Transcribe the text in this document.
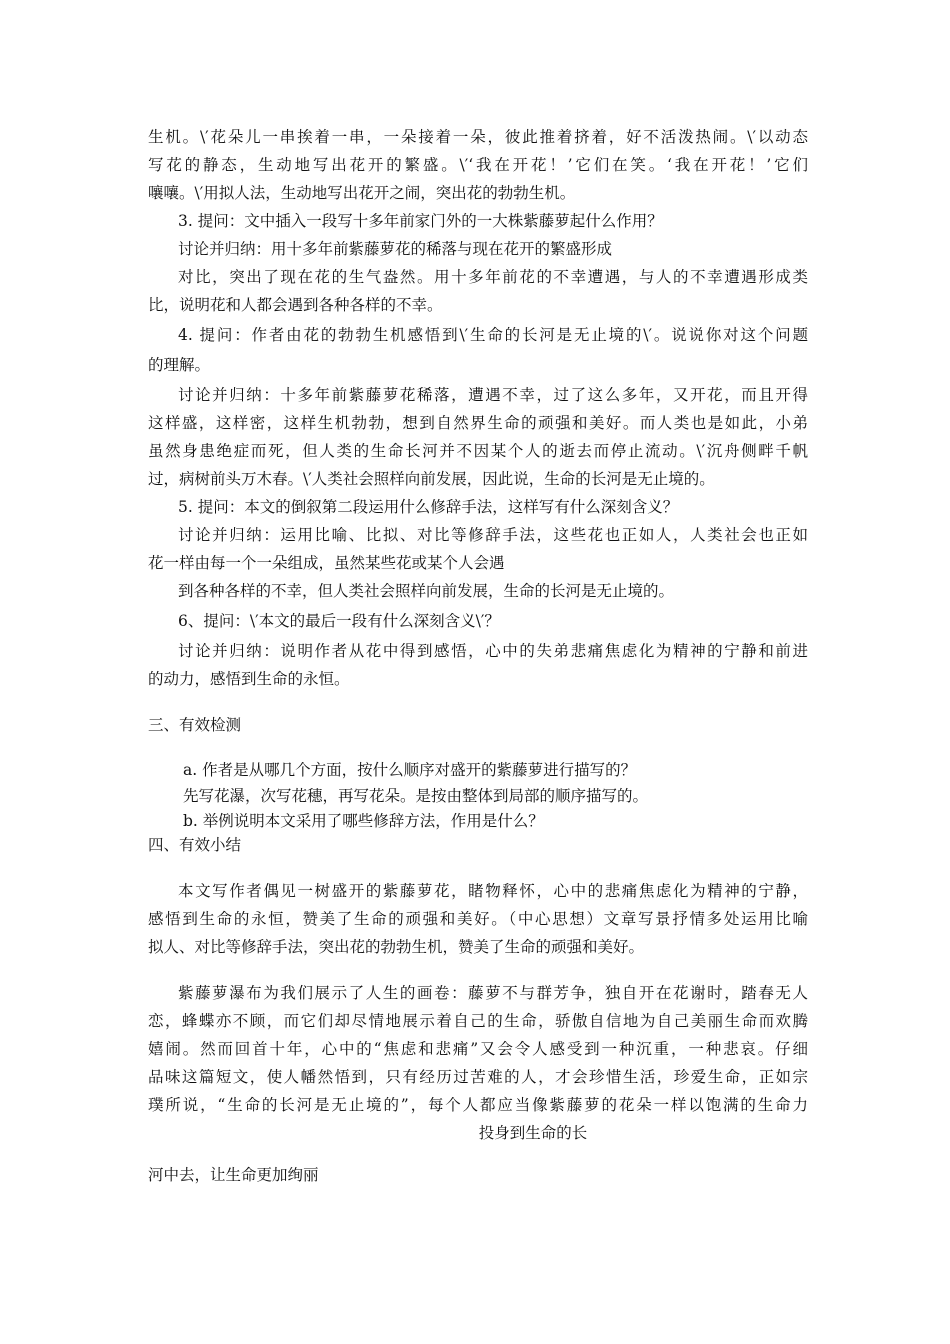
生机。\′花朵儿一串挨着一串，一朵接着一朵，彼此推着挤着，好不活泼热闹。\′以动态
写花的静态，生动地写出花开的繁盛。\′‘我在开花！’它们在笑。‘我在开花！’它们
嚷嚷。\′用拟人法，生动地写出花开之闹，突出花的勃勃生机。
3. 提问：文中插入一段写十多年前家门外的一大株紫藤萝起什么作用？
讨论并归纳：用十多年前紫藤萝花的稀落与现在花开的繁盛形成
对比，突出了现在花的生气盎然。用十多年前花的不幸遭遇，与人的不幸遭遇形成类
比，说明花和人都会遇到各种各样的不幸。
4. 提问：作者由花的勃勃生机感悟到\′生命的长河是无止境的\′。说说你对这个问题
的理解。
讨论并归纳：十多年前紫藤萝花稀落，遭遇不幸，过了这么多年，又开花，而且开得
这样盛，这样密，这样生机勃勃，想到自然界生命的顽强和美好。而人类也是如此，小弟
虽然身患绝症而死，但人类的生命长河并不因某个人的逝去而停止流动。\′沉舟侧畔千帆
过，病树前头万木春。\′人类社会照样向前发展，因此说，生命的长河是无止境的。
5. 提问：本文的倒叙第二段运用什么修辞手法，这样写有什么深刻含义？
讨论并归纳：运用比喻、比拟、对比等修辞手法，这些花也正如人，人类社会也正如
花一样由每一个一朵组成，虽然某些花或某个人会遇
到各种各样的不幸，但人类社会照样向前发展，生命的长河是无止境的。
6、提问：\′本文的最后一段有什么深刻含义\′？
讨论并归纳：说明作者从花中得到感悟，心中的失弟悲痛焦虑化为精神的宁静和前进
的动力，感悟到生命的永恒。
三、有效检测
a. 作者是从哪几个方面，按什么顺序对盛开的紫藤萝进行描写的？
先写花瀑，次写花穗，再写花朵。是按由整体到局部的顺序描写的。
b. 举例说明本文采用了哪些修辞方法，作用是什么？
四、有效小结
本文写作者偶见一树盛开的紫藤萝花，睹物释怀，心中的悲痛焦虑化为精神的宁静，
感悟到生命的永恒，赞美了生命的顽强和美好。（中心思想）文章写景抒情多处运用比喻
拟人、对比等修辞手法，突出花的勃勃生机，赞美了生命的顽强和美好。
紫藤萝瀑布为我们展示了人生的画卷：藤萝不与群芳争，独自开在花谢时，踏春无人
恋，蜂蝶亦不顾，而它们却尽情地展示着自己的生命，骄傲自信地为自己美丽生命而欢腾
嬉闹。然而回首十年，心中的“焦虑和悲痛”又会令人感受到一种沉重，一种悲哀。仔细
品味这篇短文，使人幡然悟到，只有经历过苦难的人，才会珍惜生活，珍爱生命，正如宗
璞所说，“生命的长河是无止境的”，每个人都应当像紫藤萝的花朵一样以饱满的生命力
投身到生命的长
河中去，让生命更加绚丽
